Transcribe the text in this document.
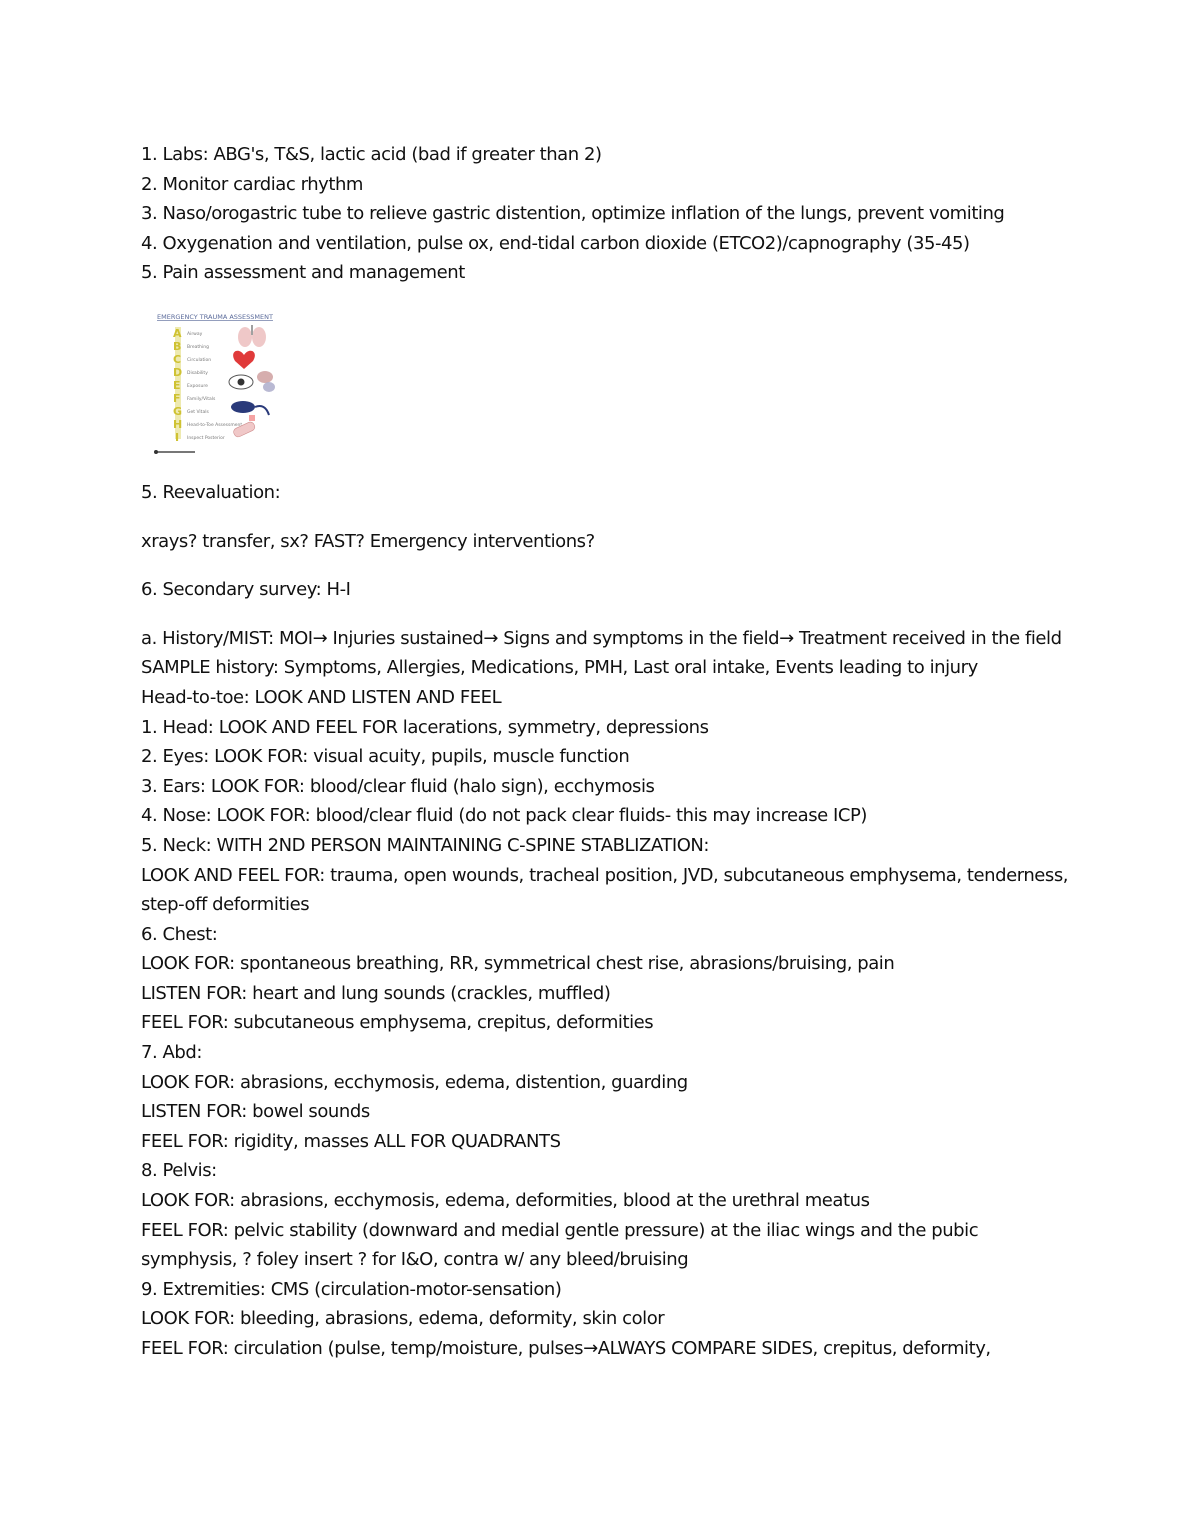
1. Labs: ABG's, T&S, lactic acid (bad if greater than 2)
2. Monitor cardiac rhythm
3. Naso/orogastric tube to relieve gastric distention, optimize inflation of the lungs, prevent vomiting
4. Oxygenation and ventilation, pulse ox, end-tidal carbon dioxide (ETCO2)/capnography (35-45)
5. Pain assessment and management
EMERGENCY TRAUMA ASSESSMENT
A
B
C
D
E
F
G
H
I
Airway
Breathing
Circulation
Disability
Exposure
Family/Vitals
Get Vitals
Head-to-Toe Assessment
Inspect Posterior
5. Reevaluation:
xrays? transfer, sx? FAST? Emergency interventions?
6. Secondary survey: H-I
a. History/MIST: MOI→ Injuries sustained→ Signs and symptoms in the field→ Treatment received in the field
SAMPLE history: Symptoms, Allergies, Medications, PMH, Last oral intake, Events leading to injury
Head-to-toe: LOOK AND LISTEN AND FEEL
1. Head: LOOK AND FEEL FOR lacerations, symmetry, depressions
2. Eyes: LOOK FOR: visual acuity, pupils, muscle function
3. Ears: LOOK FOR: blood/clear fluid (halo sign), ecchymosis
4. Nose: LOOK FOR: blood/clear fluid (do not pack clear fluids- this may increase ICP)
5. Neck: WITH 2ND PERSON MAINTAINING C-SPINE STABLIZATION:
LOOK AND FEEL FOR: trauma, open wounds, tracheal position, JVD, subcutaneous emphysema, tenderness, step-off deformities
6. Chest:
LOOK FOR: spontaneous breathing, RR, symmetrical chest rise, abrasions/bruising, pain
LISTEN FOR: heart and lung sounds (crackles, muffled)
FEEL FOR: subcutaneous emphysema, crepitus, deformities
7. Abd:
LOOK FOR: abrasions, ecchymosis, edema, distention, guarding
LISTEN FOR: bowel sounds
FEEL FOR: rigidity, masses ALL FOR QUADRANTS
8. Pelvis:
LOOK FOR: abrasions, ecchymosis, edema, deformities, blood at the urethral meatus
FEEL FOR: pelvic stability (downward and medial gentle pressure) at the iliac wings and the pubic symphysis, ? foley insert ? for I&O, contra w/ any bleed/bruising
9. Extremities: CMS (circulation-motor-sensation)
LOOK FOR: bleeding, abrasions, edema, deformity, skin color
FEEL FOR: circulation (pulse, temp/moisture, pulses→ALWAYS COMPARE SIDES, crepitus, deformity,
